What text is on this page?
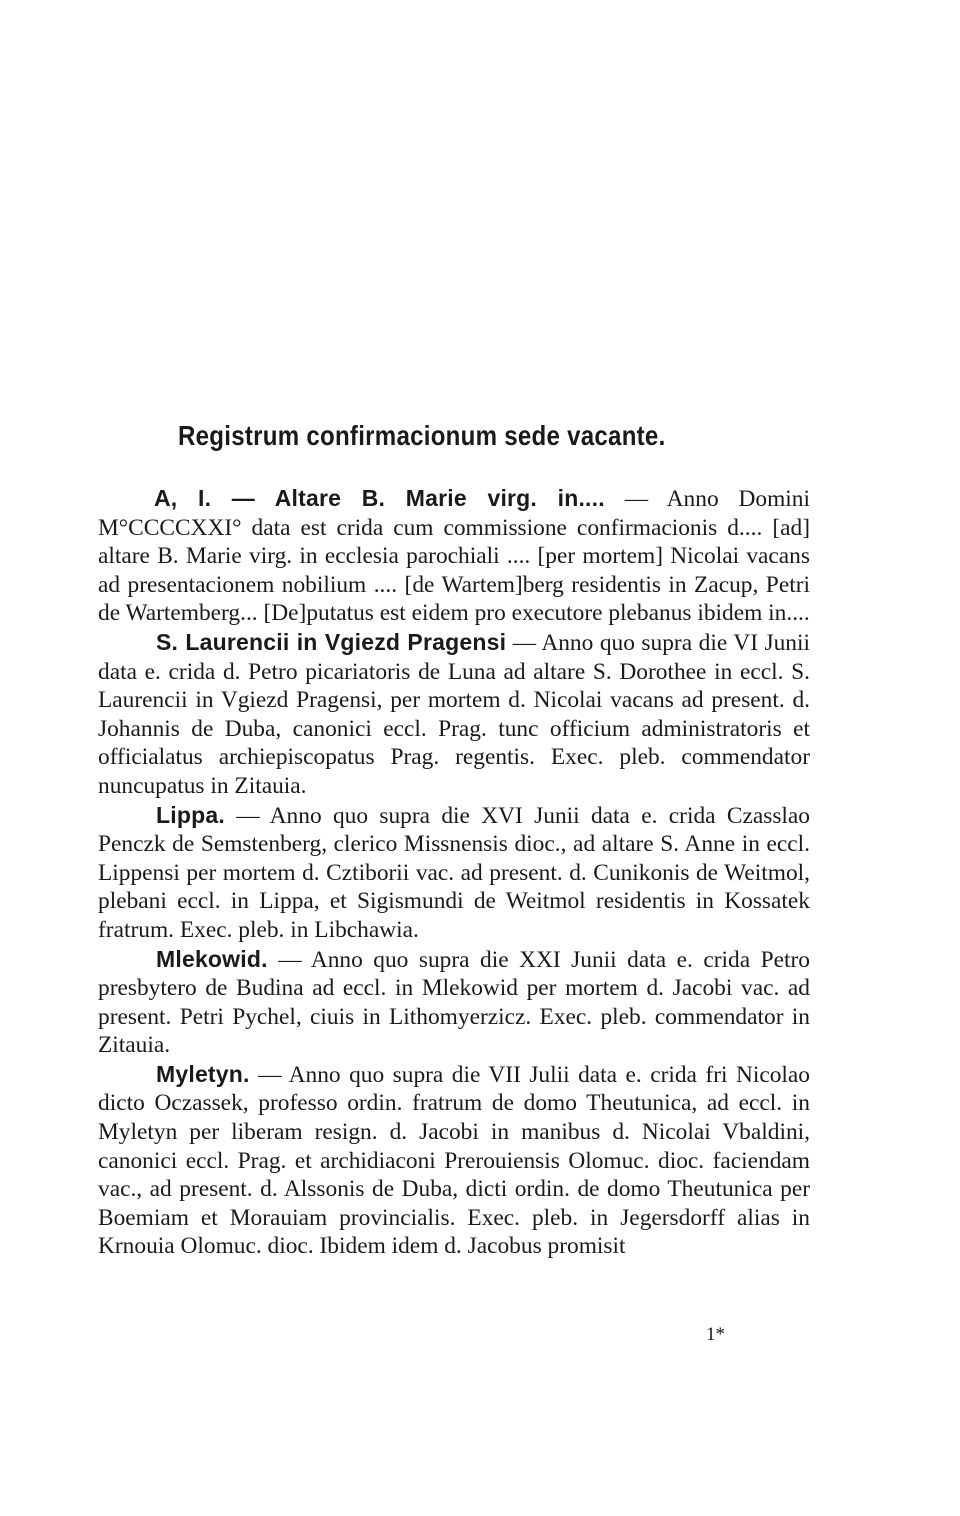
Registrum confirmacionum sede vacante.

A, I. — Altare B. Marie virg. in.... — Anno Domini M°CCCCXXI° data est crida cum commissione confirmacionis d.... [ad] altare B. Marie virg. in ecclesia parochiali .... [per mortem] Nicolai vacans ad presentacionem nobilium .... [de Wartem]berg residentis in Zacup, Petri de Wartemberg... [De]putatus est eidem pro executore plebanus ibidem in....

S. Laurencii in Vgiezd Pragensi — Anno quo supra die VI Junii data e. crida d. Petro picariatoris de Luna ad altare S. Dorothee in eccl. S. Laurencii in Vgiezd Pragensi, per mortem d. Nicolai vacans ad present. d. Johannis de Duba, canonici eccl. Prag. tunc officium administratoris et officialatus archiepiscopatus Prag. regentis. Exec. pleb. commendator nuncupatus in Zitauia.

Lippa. — Anno quo supra die XVI Junii data e. crida Czasslao Penczk de Semstenberg, clerico Missnensis dioc., ad altare S. Anne in eccl. Lippensi per mortem d. Cztiborii vac. ad present. d. Cunikonis de Weitmol, plebani eccl. in Lippa, et Sigismundi de Weitmol residentis in Kossatek fratrum. Exec. pleb. in Libchawia.

Mlekowid. — Anno quo supra die XXI Junii data e. crida Petro presbytero de Budina ad eccl. in Mlekowid per mortem d. Jacobi vac. ad present. Petri Pychel, ciuis in Lithomyerzicz. Exec. pleb. commendator in Zitauia.

Myletyn. — Anno quo supra die VII Julii data e. crida fri Nicolao dicto Oczassek, professo ordin. fratrum de domo Theutunica, ad eccl. in Myletyn per liberam resign. d. Jacobi in manibus d. Nicolai Vbaldini, canonici eccl. Prag. et archidiaconi Prerouiensis Olomuc. dioc. faciendam vac., ad present. d. Alssonis de Duba, dicti ordin. de domo Theutunica per Boemiam et Morauiam provincialis. Exec. pleb. in Jegersdorff alias in Krnouia Olomuc. dioc. Ibidem idem d. Jacobus promisit

1*
